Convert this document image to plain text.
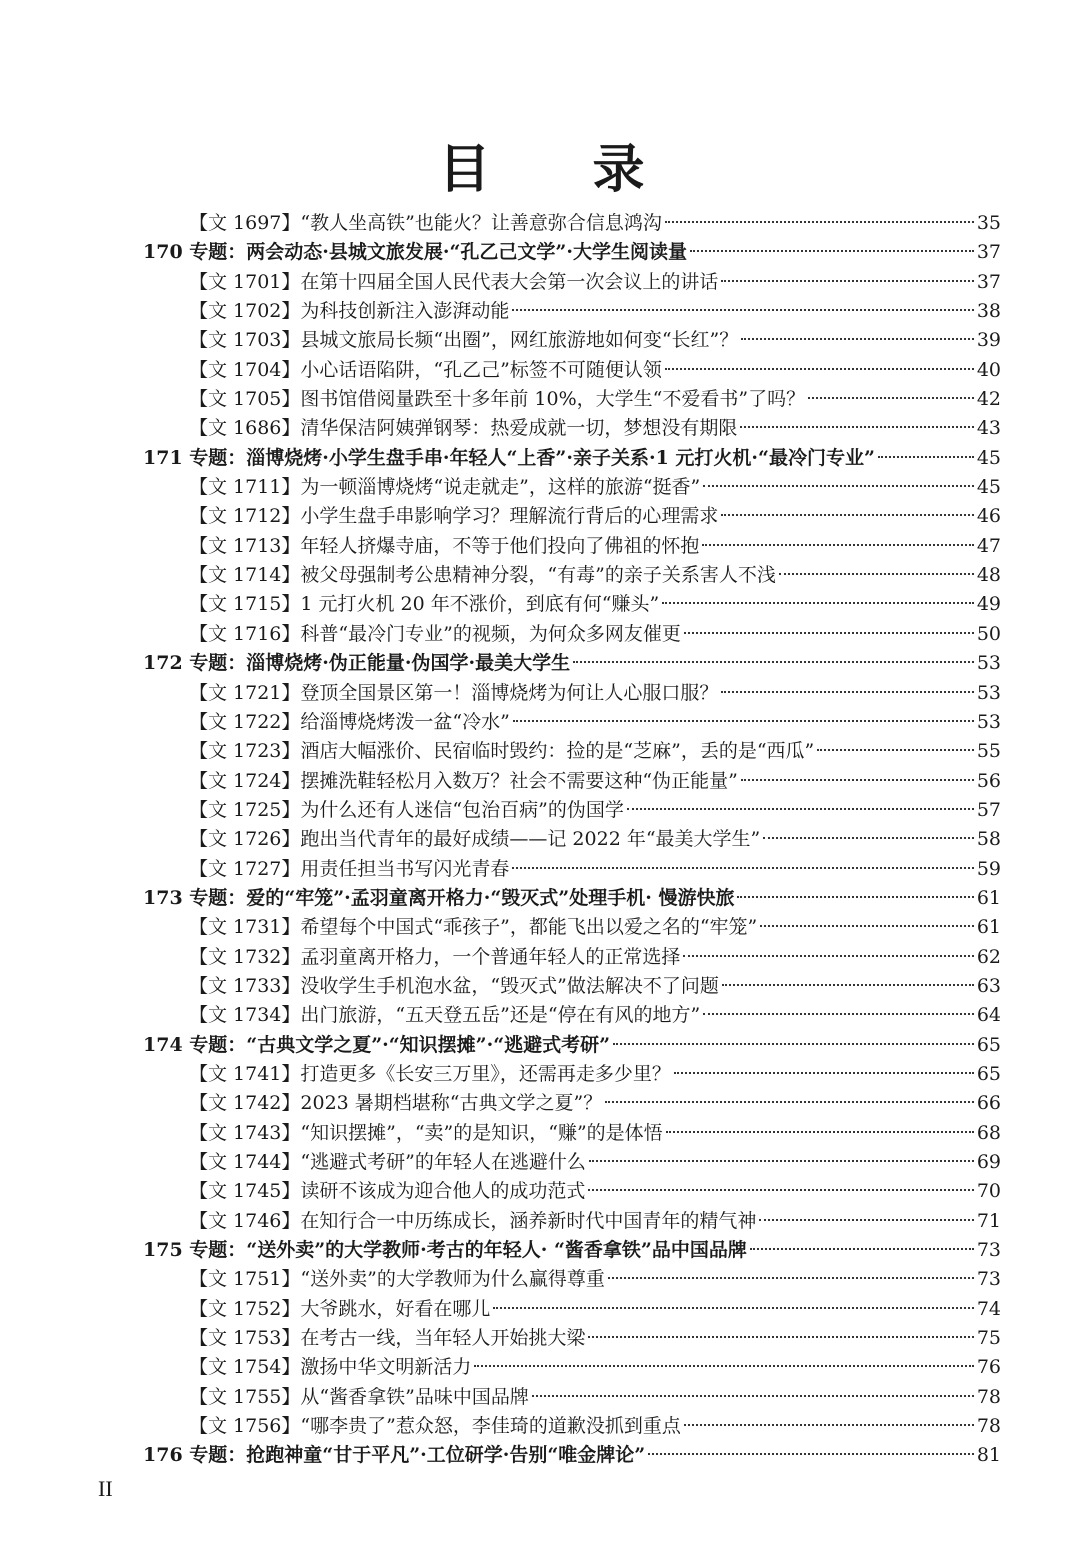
目 录
【文 1697】“教人坐高铁”也能火？让善意弥合信息鸿沟	35
170 专题：两会动态·县城文旅发展·“孔乙己文学”·大学生阅读量	37
【文 1701】在第十四届全国人民代表大会第一次会议上的讲话	37
【文 1702】为科技创新注入澎湃动能	38
【文 1703】县城文旅局长频“出圈”，网红旅游地如何变“长红”？	39
【文 1704】小心话语陷阱，“孔乙己”标签不可随便认领	40
【文 1705】图书馆借阅量跌至十多年前 10%，大学生“不爱看书”了吗？	42
【文 1686】清华保洁阿姨弹钢琴：热爱成就一切，梦想没有期限	43
171 专题：淄博烧烤·小学生盘手串·年轻人“上香”·亲子关系·1 元打火机·“最冷门专业”	45
【文 1711】为一顿淄博烧烤“说走就走”，这样的旅游“挺香”	45
【文 1712】小学生盘手串影响学习？理解流行背后的心理需求	46
【文 1713】年轻人挤爆寺庙，不等于他们投向了佛祖的怀抱	47
【文 1714】被父母强制考公患精神分裂，“有毒”的亲子关系害人不浅	48
【文 1715】1 元打火机 20 年不涨价，到底有何“赚头”	49
【文 1716】科普“最冷门专业”的视频，为何众多网友催更	50
172 专题：淄博烧烤·伪正能量·伪国学·最美大学生	53
【文 1721】登顶全国景区第一！淄博烧烤为何让人心服口服？	53
【文 1722】给淄博烧烤泼一盆“冷水”	53
【文 1723】酒店大幅涨价、民宿临时毁约：捡的是“芝麻”，丢的是“西瓜”	55
【文 1724】摆摊洗鞋轻松月入数万？社会不需要这种“伪正能量”	56
【文 1725】为什么还有人迷信“包治百病”的伪国学	57
【文 1726】跑出当代青年的最好成绩——记 2022 年“最美大学生”	58
【文 1727】用责任担当书写闪光青春	59
173 专题：爱的“牢笼”·孟羽童离开格力·“毁灭式”处理手机· 慢游快旅	61
【文 1731】希望每个中国式“乖孩子”，都能飞出以爱之名的“牢笼”	61
【文 1732】孟羽童离开格力，一个普通年轻人的正常选择	62
【文 1733】没收学生手机泡水盆，“毁灭式”做法解决不了问题	63
【文 1734】出门旅游，“五天登五岳”还是“停在有风的地方”	64
174 专题：“古典文学之夏”·“知识摆摊”·“逃避式考研”	65
【文 1741】打造更多《长安三万里》，还需再走多少里？	65
【文 1742】2023 暑期档堪称“古典文学之夏”？	66
【文 1743】“知识摆摊”，“卖”的是知识，“赚”的是体悟	68
【文 1744】“逃避式考研”的年轻人在逃避什么	69
【文 1745】读研不该成为迎合他人的成功范式	70
【文 1746】在知行合一中历练成长，涵养新时代中国青年的精气神	71
175 专题：“送外卖”的大学教师·考古的年轻人· “酱香拿铁”品中国品牌	73
【文 1751】“送外卖”的大学教师为什么赢得尊重	73
【文 1752】大爷跳水，好看在哪儿	74
【文 1753】在考古一线，当年轻人开始挑大梁	75
【文 1754】激扬中华文明新活力	76
【文 1755】从“酱香拿铁”品味中国品牌	78
【文 1756】“哪李贵了”惹众怒，李佳琦的道歉没抓到重点	78
176 专题：抢跑神童“甘于平凡”·工位研学·告别“唯金牌论”	81
II
